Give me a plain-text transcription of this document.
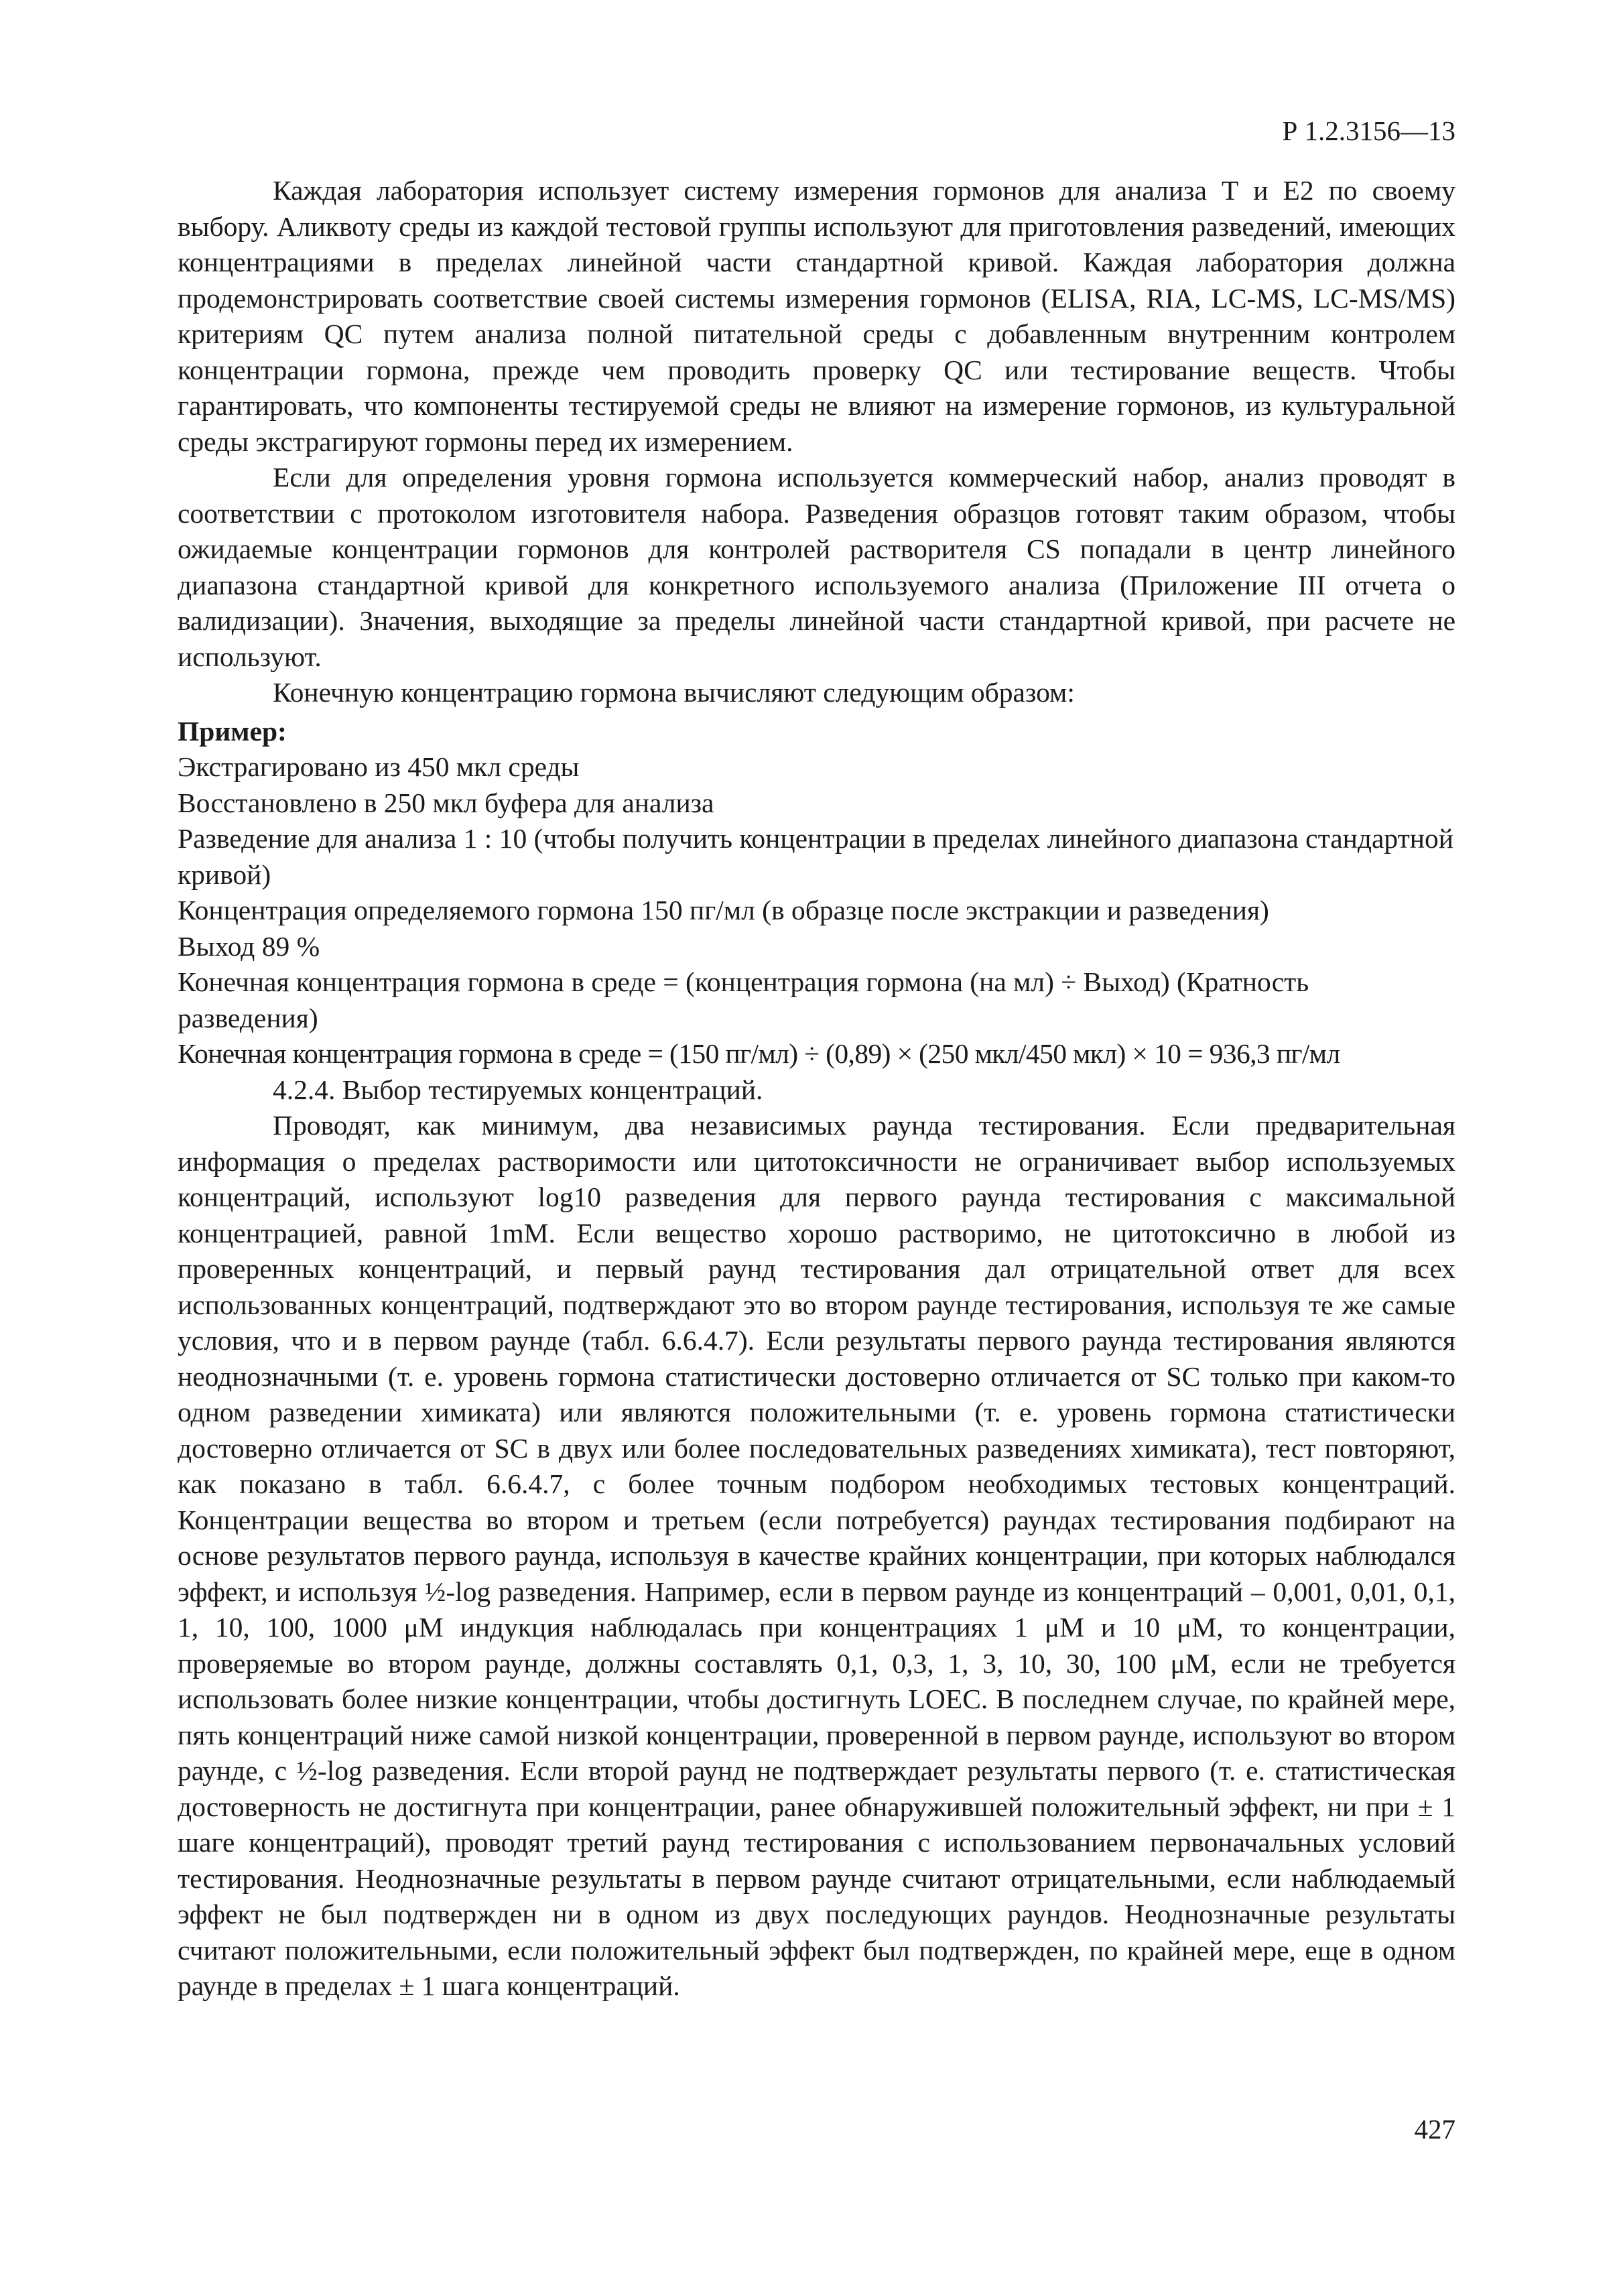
Р 1.2.3156—13

Каждая лаборатория использует систему измерения гормонов для анализа Т и Е2 по своему выбору. Аликвоту среды из каждой тестовой группы используют для приготовления разведений, имеющих концентрациями в пределах линейной части стандартной кривой. Каждая лаборатория должна продемонстрировать соответствие своей системы измерения гормонов (ELISA, RIA, LC-MS, LC-MS/MS) критериям QC путем анализа полной питательной среды с добавленным внутренним контролем концентрации гормона, прежде чем проводить проверку QC или тестирование веществ. Чтобы гарантировать, что компоненты тестируемой среды не влияют на измерение гормонов, из культуральной среды экстрагируют гормоны перед их измерением.

Если для определения уровня гормона используется коммерческий набор, анализ проводят в соответствии с протоколом изготовителя набора. Разведения образцов готовят таким образом, чтобы ожидаемые концентрации гормонов для контролей растворителя CS попадали в центр линейного диапазона стандартной кривой для конкретного используемого анализа (Приложение III отчета о валидизации). Значения, выходящие за пределы линейной части стандартной кривой, при расчете не используют.

Конечную концентрацию гормона вычисляют следующим образом:

Пример:

Экстрагировано из 450 мкл среды

Восстановлено в 250 мкл буфера для анализа

Разведение для анализа 1 : 10 (чтобы получить концентрации в пределах линейного диапазона стандартной кривой)

Концентрация определяемого гормона 150 пг/мл (в образце после экстракции и разведения)

Выход 89 %

Конечная концентрация гормона в среде = (концентрация гормона (на мл) ÷ Выход) (Кратность разведения)

Конечная концентрация гормона в среде = (150 пг/мл) ÷ (0,89) × (250 мкл/450 мкл) × 10 = 936,3 пг/мл

4.2.4. Выбор тестируемых концентраций.

Проводят, как минимум, два независимых раунда тестирования. Если предварительная информация о пределах растворимости или цитотоксичности не ограничивает выбор используемых концентраций, используют log10 разведения для первого раунда тестирования с максимальной концентрацией, равной 1mM. Если вещество хорошо растворимо, не цитотоксично в любой из проверенных концентраций, и первый раунд тестирования дал отрицательной ответ для всех использованных концентраций, подтверждают это во втором раунде тестирования, используя те же самые условия, что и в первом раунде (табл. 6.6.4.7). Если результаты первого раунда тестирования являются неоднозначными (т. е. уровень гормона статистически достоверно отличается от SC только при каком-то одном разведении химиката) или являются положительными (т. е. уровень гормона статистически достоверно отличается от SC в двух или более последовательных разведениях химиката), тест повторяют, как показано в табл. 6.6.4.7, с более точным подбором необходимых тестовых концентраций. Концентрации вещества во втором и третьем (если потребуется) раундах тестирования подбирают на основе результатов первого раунда, используя в качестве крайних концентрации, при которых наблюдался эффект, и используя ½-log разведения. Например, если в первом раунде из концентраций – 0,001, 0,01, 0,1, 1, 10, 100, 1000 μM индукция наблюдалась при концентрациях 1 μM и 10 μM, то концентрации, проверяемые во втором раунде, должны составлять 0,1, 0,3, 1, 3, 10, 30, 100 μM, если не требуется использовать более низкие концентрации, чтобы достигнуть LOEC. В последнем случае, по крайней мере, пять концентраций ниже самой низкой концентрации, проверенной в первом раунде, используют во втором раунде, с ½-log разведения. Если второй раунд не подтверждает результаты первого (т. е. статистическая достоверность не достигнута при концентрации, ранее обнаружившей положительный эффект, ни при ± 1 шаге концентраций), проводят третий раунд тестирования с использованием первоначальных условий тестирования. Неоднозначные результаты в первом раунде считают отрицательными, если наблюдаемый эффект не был подтвержден ни в одном из двух последующих раундов. Неоднозначные результаты считают положительными, если положительный эффект был подтвержден, по крайней мере, еще в одном раунде в пределах ± 1 шага концентраций.

427
